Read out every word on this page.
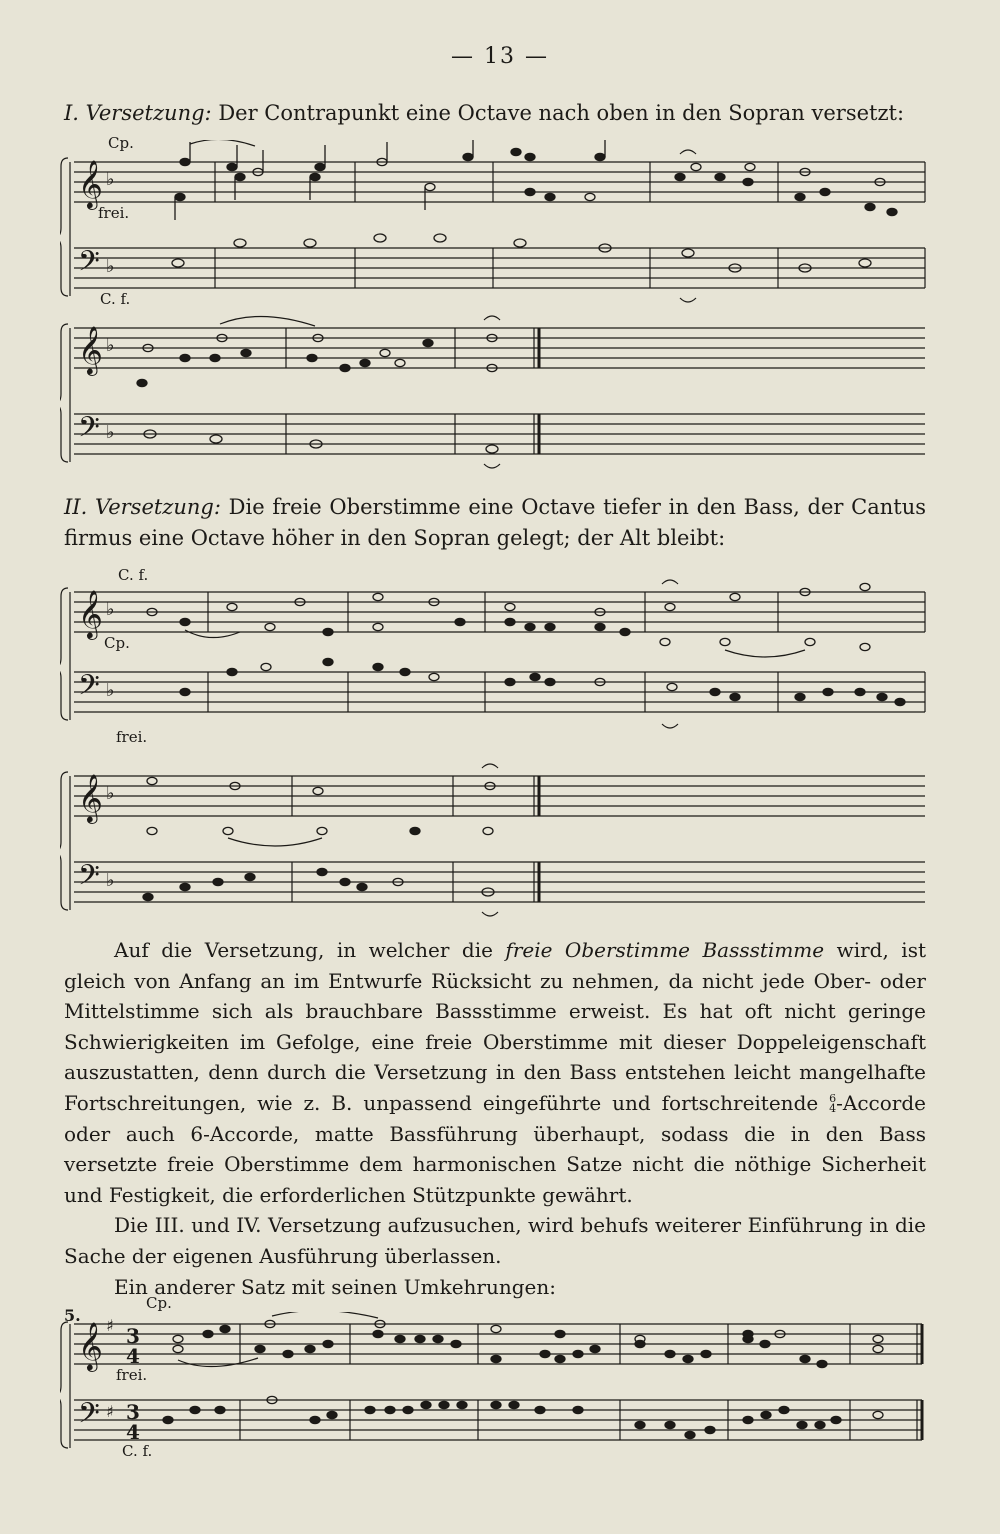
— 13 —
I. Versetzung: Der Contrapunkt eine Octave nach oben in den Sopran versetzt:
𝄞
𝄢
♭
♭
Cp.
frei.
C. f.
𝄞
𝄢
♭
♭
II. Versetzung: Die freie Oberstimme eine Octave tiefer in den Bass, der Cantus firmus eine Octave höher in den Sopran gelegt; der Alt bleibt:
𝄞
𝄢
♭
♭
C. f.
Cp.
frei.
𝄞
𝄢
♭
♭

Auf die Versetzung, in welcher die freie Oberstimme Bassstimme wird, ist gleich von Anfang an im Entwurfe Rücksicht zu nehmen, da nicht jede Ober- oder Mittelstimme sich als brauchbare Bassstimme erweist. Es hat oft nicht geringe Schwierigkeiten im Gefolge, eine freie Oberstimme mit dieser Doppeleigenschaft auszustatten, denn durch die Versetzung in den Bass entstehen leicht mangelhafte Fortschreitungen, wie z. B. unpassend eingeführte und fortschreitende 6
4 -Accorde oder auch 6-Accorde, matte Bassführung überhaupt, sodass die in den Bass versetzte freie Oberstimme dem harmonischen Satze nicht die nöthige Sicherheit und Festigkeit, die erforderlichen Stützpunkte gewährt.

Die III. und IV. Versetzung aufzusuchen, wird behufs weiterer Einführung in die Sache der eigenen Ausführung überlassen.

Ein anderer Satz mit seinen Umkehrungen:

5.
𝄞
𝄢
♯
♯
3
4
3
4
Cp.
frei.
C. f.
